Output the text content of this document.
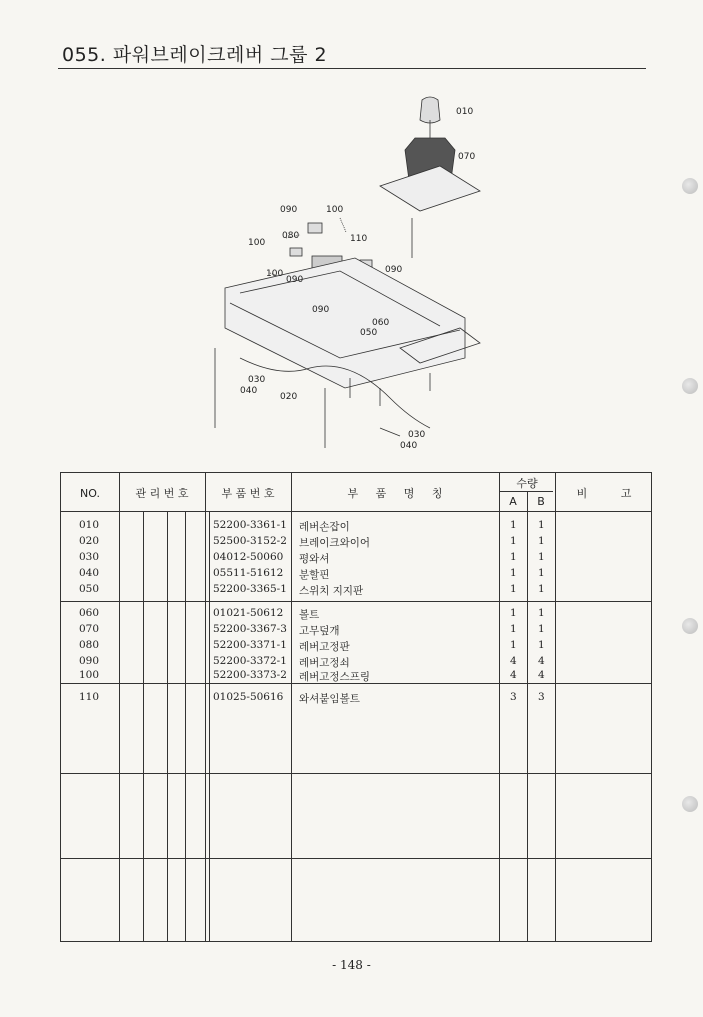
055. 파워브레이크레버 그룹 2
010
070
090	100
080	110
100
090
100
090
090
060
050
030
040
020
030
040
NO.	관 리 번 호	부 품 번 호	부 품 명 칭
수량
A	B
비 고
010	52200-3361-1 레버손잡이	1 1
020	52500-3152-2 브레이크와이어	1 1
030	04012-50060 평와셔	1 1
040	05511-51612 분할핀	1 1
050	52200-3365-1 스위치 지지판	1 1
060	01021-50612 볼트	1 1
070	52200-3367-3 고무덮개	1 1
080	52200-3371-1 레버고정판	1 1
090	52200-3372-1 레버고정쇠	4 4
100	52200-3373-2 레버고정스프링	4 4
110	01025-50616 와셔붙임볼트	3 3
- 148 -
